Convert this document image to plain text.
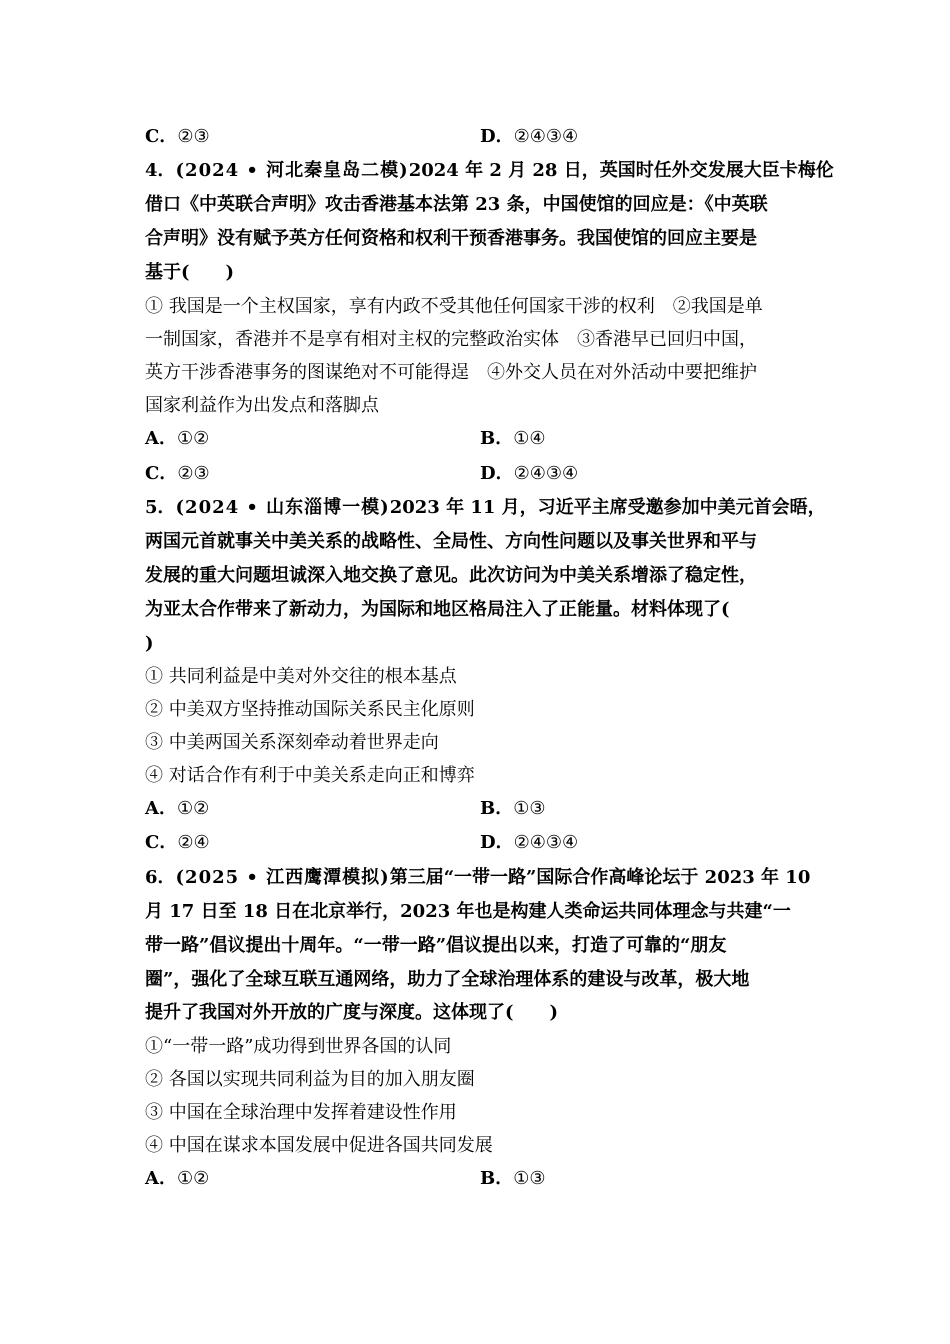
C．②③	D．②④③④
4．(2024 • 河北秦皇岛二模)2024 年 2 月 28 日，英国时任外交发展大臣卡梅伦
借口《中英联合声明》攻击香港基本法第 23 条，中国使馆的回应是：《中英联
合声明》没有赋予英方任何资格和权利干预香港事务。我国使馆的回应主要是
基于(　　)
① 我国是一个主权国家，享有内政不受其他任何国家干涉的权利　②我国是单
一制国家，香港并不是享有相对主权的完整政治实体　③香港早已回归中国，
英方干涉香港事务的图谋绝对不可能得逞　④外交人员在对外活动中要把维护
国家利益作为出发点和落脚点
A．①②	B．①④
C．②③	D．②④③④
5．(2024 • 山东淄博一模)2023 年 11 月，习近平主席受邀参加中美元首会晤，
两国元首就事关中美关系的战略性、全局性、方向性问题以及事关世界和平与
发展的重大问题坦诚深入地交换了意见。此次访问为中美关系增添了稳定性，
为亚太合作带来了新动力，为国际和地区格局注入了正能量。材料体现了(
)
① 共同利益是中美对外交往的根本基点
② 中美双方坚持推动国际关系民主化原则
③ 中美两国关系深刻牵动着世界走向
④ 对话合作有利于中美关系走向正和博弈
A．①②	B．①③
C．②④	D．②④③④
6．(2025 • 江西鹰潭模拟)第三届“一带一路”国际合作高峰论坛于 2023 年 10
月 17 日至 18 日在北京举行，2023 年也是构建人类命运共同体理念与共建“一
带一路”倡议提出十周年。“一带一路”倡议提出以来，打造了可靠的“朋友
圈”，强化了全球互联互通网络，助力了全球治理体系的建设与改革，极大地
提升了我国对外开放的广度与深度。这体现了(　　)
①“一带一路”成功得到世界各国的认同
② 各国以实现共同利益为目的加入朋友圈
③ 中国在全球治理中发挥着建设性作用
④ 中国在谋求本国发展中促进各国共同发展
A．①②	B．①③
